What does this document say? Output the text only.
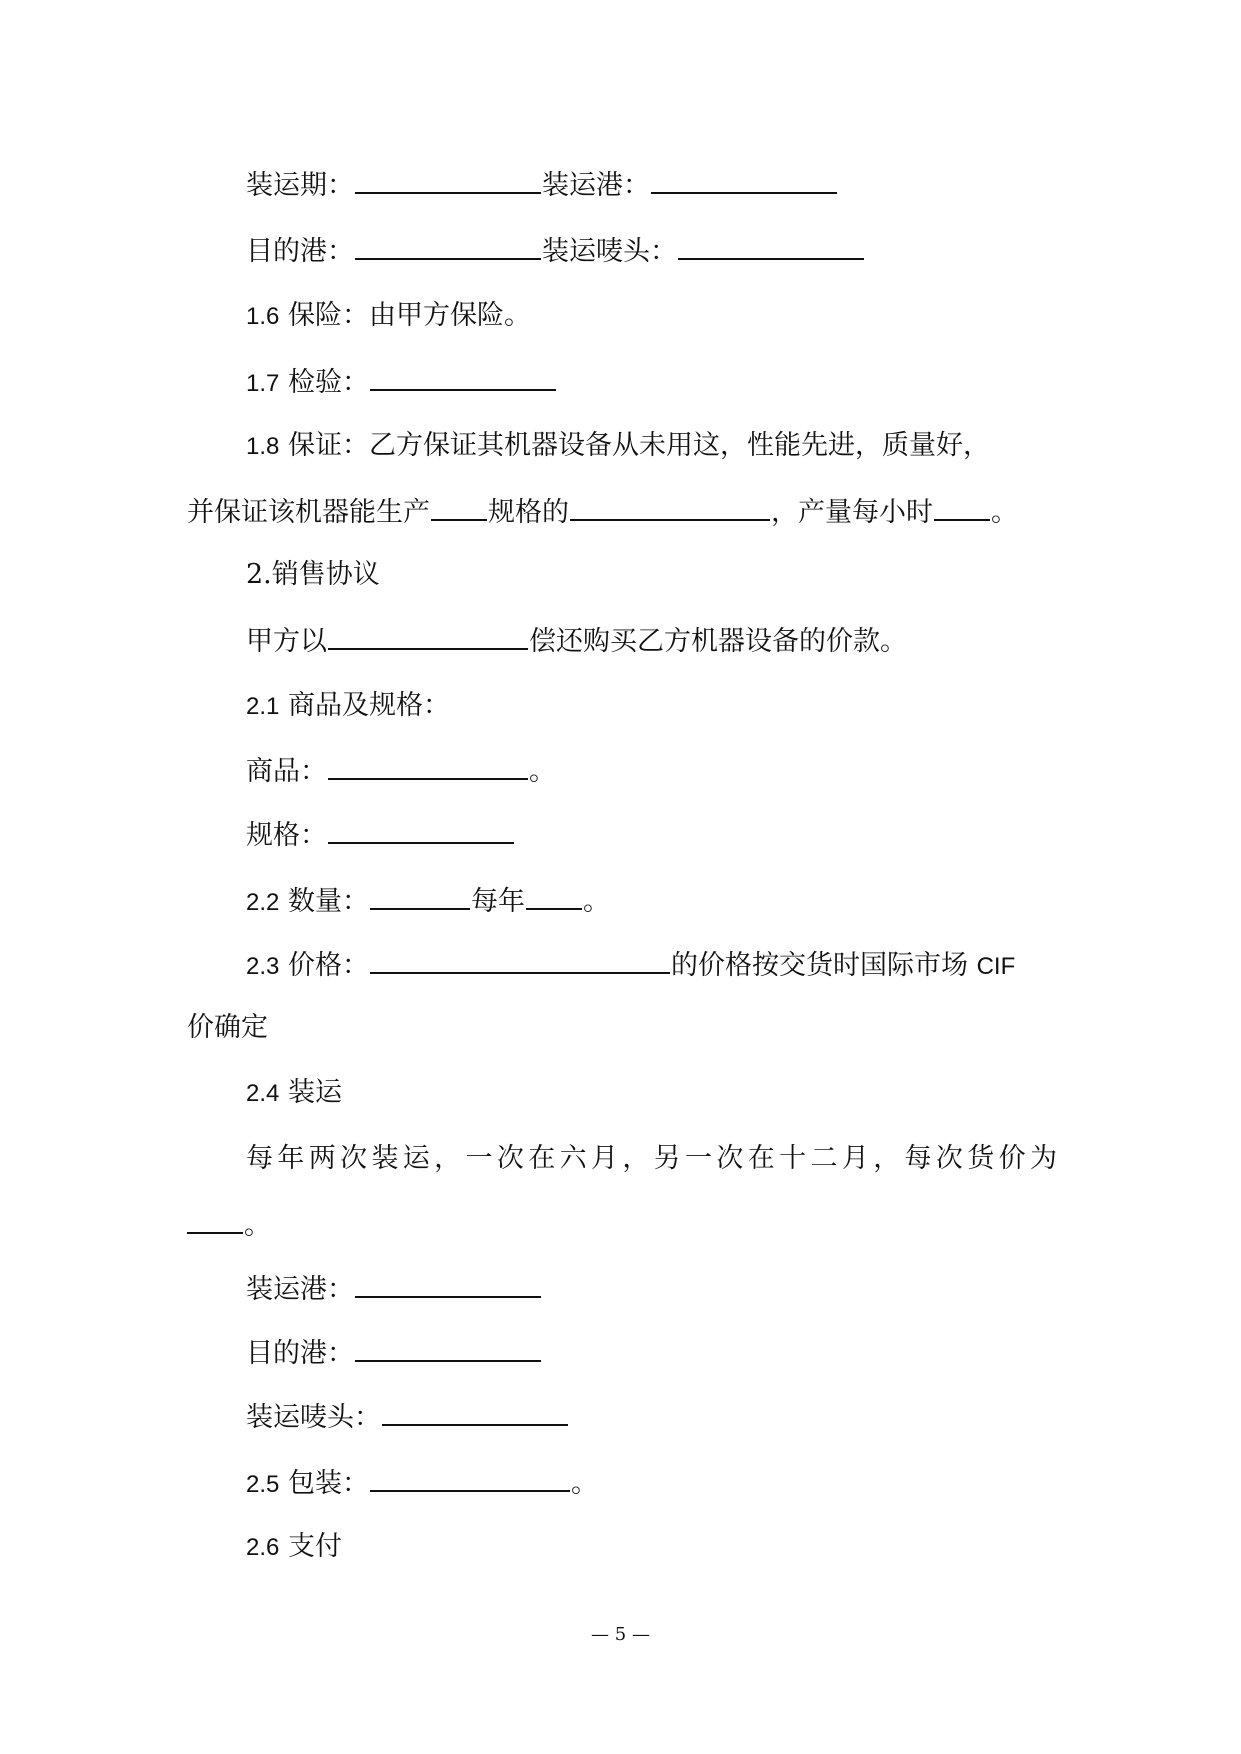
装运期：	装运港：
目的港：	装运唛头：
1.6 保险：由甲方保险。
1.7 检验：
1.8 保证：乙方保证其机器设备从未用这，性能先进，质量好，
并保证该机器能生产 规格的	，产量每小时 。
2.销售协议
甲方以	偿还购买乙方机器设备的价款。
2.1 商品及规格：
商品：	。
规格：
2.2 数量：	每年 。
2.3 价格：	的价格按交货时国际市场 CIF
价确定
2.4 装运
每年两次装运，一次在六月，另一次在十二月，每次货价为
。
装运港：
目的港：
装运唛头：
2.5 包装：	。
2.6 支付
— 5 —
